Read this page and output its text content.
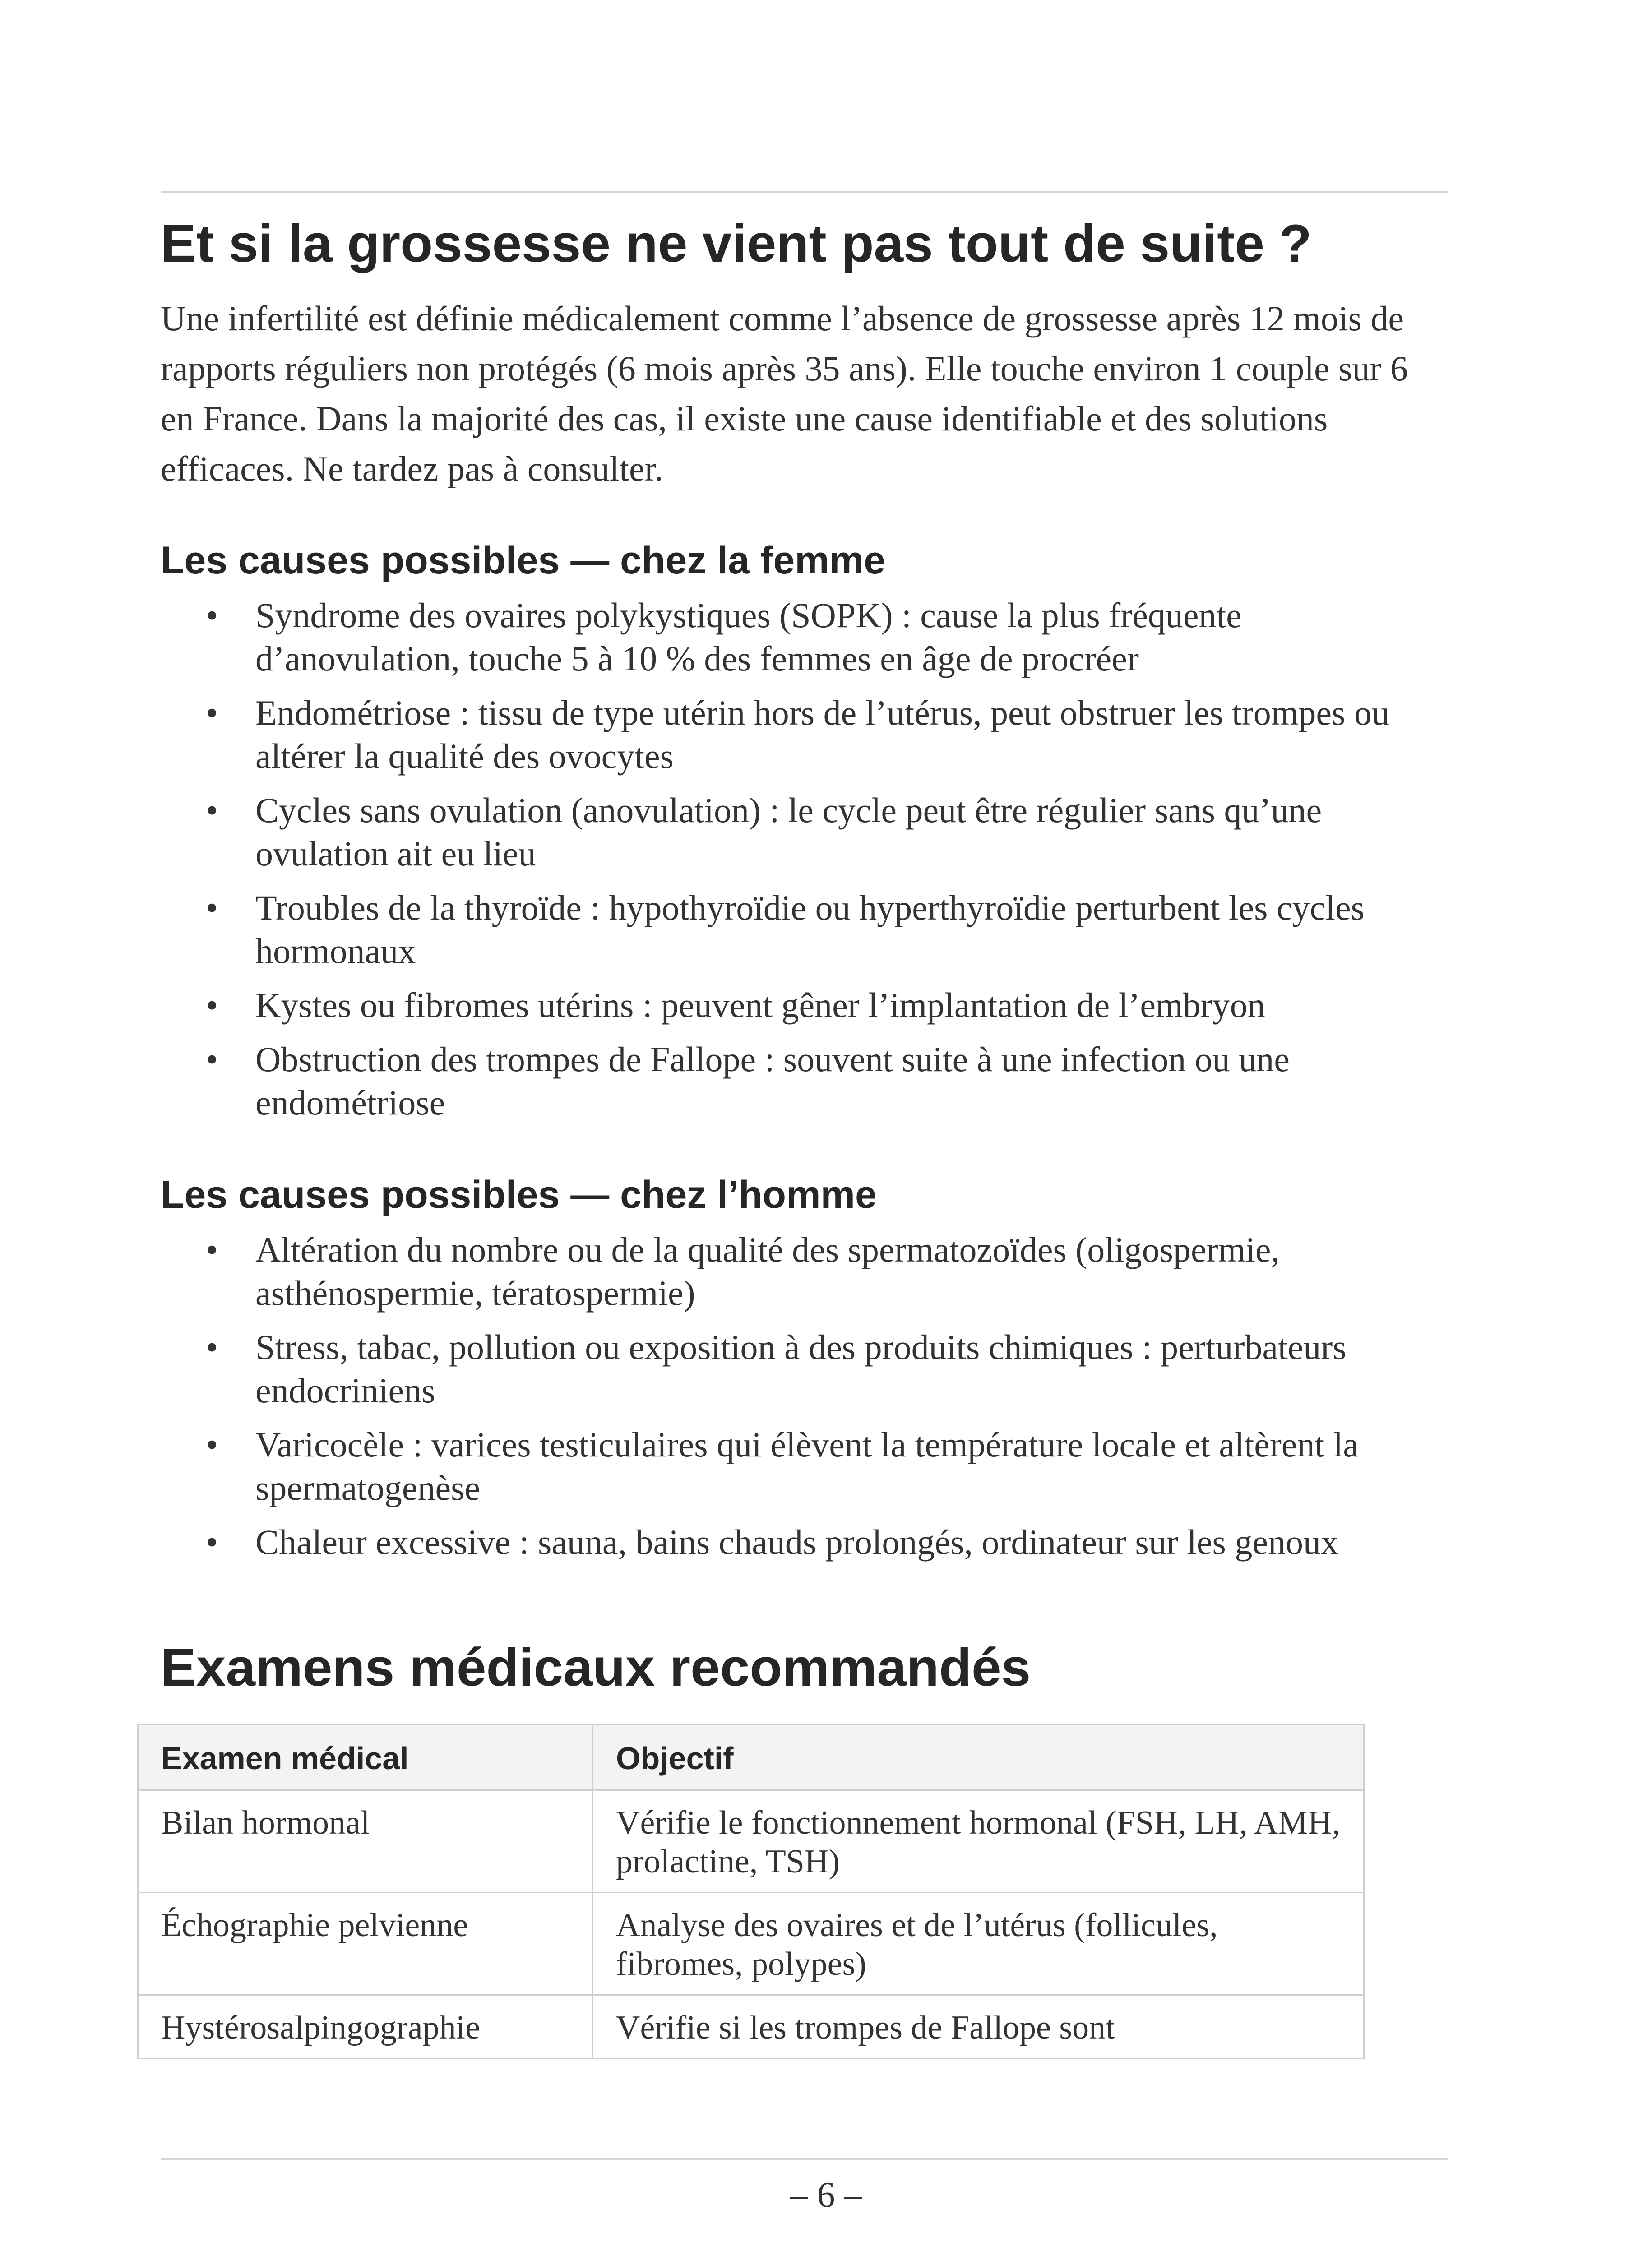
Et si la grossesse ne vient pas tout de suite ?

Une infertilité est définie médicalement comme l’absence de grossesse après 12 mois de rapports réguliers non protégés (6 mois après 35 ans). Elle touche environ 1 couple sur 6 en France. Dans la majorité des cas, il existe une cause identifiable et des solutions efficaces. Ne tardez pas à consulter.

Les causes possibles — chez la femme
• Syndrome des ovaires polykystiques (SOPK) : cause la plus fréquente d’anovulation, touche 5 à 10 % des femmes en âge de procréer
• Endométriose : tissu de type utérin hors de l’utérus, peut obstruer les trompes ou altérer la qualité des ovocytes
• Cycles sans ovulation (anovulation) : le cycle peut être régulier sans qu’une ovulation ait eu lieu
• Troubles de la thyroïde : hypothyroïdie ou hyperthyroïdie perturbent les cycles hormonaux
• Kystes ou fibromes utérins : peuvent gêner l’implantation de l’embryon
• Obstruction des trompes de Fallope : souvent suite à une infection ou une endométriose
Les causes possibles — chez l’homme
• Altération du nombre ou de la qualité des spermatozoïdes (oligospermie, asthénospermie, tératospermie)
• Stress, tabac, pollution ou exposition à des produits chimiques : perturbateurs endocriniens
• Varicocèle : varices testiculaires qui élèvent la température locale et altèrent la spermatogenèse
• Chaleur excessive : sauna, bains chauds prolongés, ordinateur sur les genoux
Examens médicaux recommandés
Examen médical	Objectif
Bilan hormonal	Vérifie le fonctionnement hormonal (FSH, LH, AMH, prolactine, TSH)
Échographie pelvienne	Analyse des ovaires et de l’utérus (follicules, fibromes, polypes)
Hystérosalpingographie	Vérifie si les trompes de Fallope sont
– 6 –
